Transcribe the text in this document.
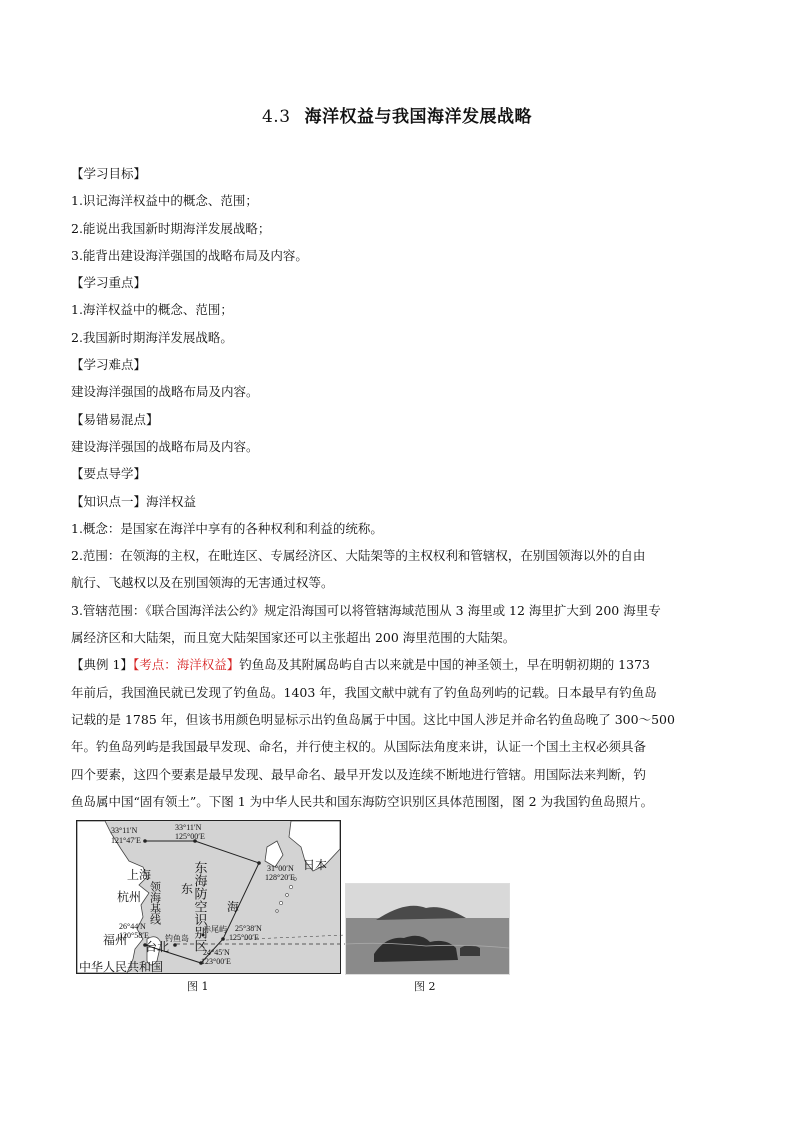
4.3 海洋权益与我国海洋发展战略

【学习目标】

1.识记海洋权益中的概念、范围；

2.能说出我国新时期海洋发展战略；

3.能背出建设海洋强国的战略布局及内容。

【学习重点】

1.海洋权益中的概念、范围；

2.我国新时期海洋发展战略。

【学习难点】

建设海洋强国的战略布局及内容。

【易错易混点】

建设海洋强国的战略布局及内容。

【要点导学】

【知识点一】海洋权益

1.概念：是国家在海洋中享有的各种权利和利益的统称。

2.范围：在领海的主权，在毗连区、专属经济区、大陆架等的主权权利和管辖权，在别国领海以外的自由

航行、飞越权以及在别国领海的无害通过权等。

3.管辖范围：《联合国海洋法公约》规定沿海国可以将管辖海域范围从 3 海里或 12 海里扩大到 200 海里专

属经济区和大陆架，而且宽大陆架国家还可以主张超出 200 海里范围的大陆架。

【典例 1】【考点：海洋权益】钓鱼岛及其附属岛屿自古以来就是中国的神圣领土，早在明朝初期的 1373

年前后，我国渔民就已发现了钓鱼岛。1403 年，我国文献中就有了钓鱼岛列屿的记载。日本最早有钓鱼岛

记载的是 1785 年，但该书用颜色明显标示出钓鱼岛属于中国。这比中国人涉足并命名钓鱼岛晚了 300～500

年。钓鱼岛列屿是我国最早发现、命名，并行使主权的。从国际法角度来讲，认证一个国土主权必须具备

四个要素，这四个要素是最早发现、最早命名、最早开发以及连续不断地进行管辖。用国际法来判断，钓

鱼岛属中国“固有领土”。下图 1 为中华人民共和国东海防空识别区具体范围图，图 2 为我国钓鱼岛照片。

33°11′N
121°47′E
33°11′N
125°00′E
31°00′N
128°20′E
26°44′N
120°58′E
25°38′N
125°00′E
24°45′N
123°00′E
上海
杭州
福州 台北
日本
东
海
中华人民共和国
东海防空识别区
领海基线
钓鱼岛
赤尾屿
图 1	图 2
